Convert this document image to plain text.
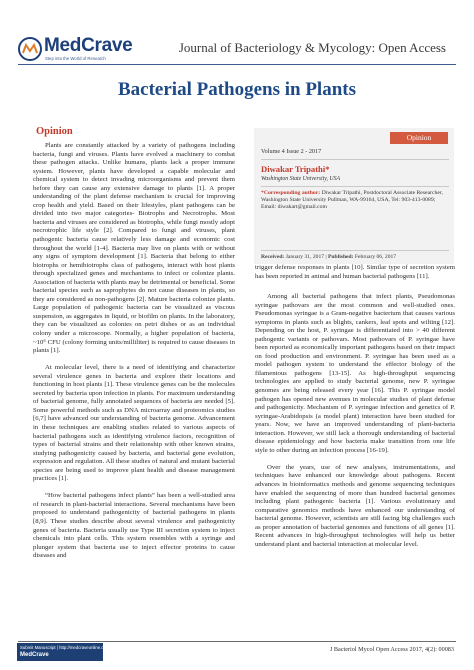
MedCrave
Step into the World of Research
Journal of Bacteriology & Mycology: Open Access
Bacterial Pathogens in Plants
Opinion

Plants are constantly attacked by a variety of pathogens including bacteria, fungi and viruses. Plants have evolved a machinery to combat these pathogen attacks. Unlike humans, plants lack a proper immune system. However, plants have developed a capable molecular and chemical system to detect invading microorganisms and prevent them before they can cause any extensive damage to plants [1]. A proper understanding of the plant defense mechanism is crucial for improving crop health and yield. Based on their lifestyles, plant pathogens can be divided into two major categories- Biotrophs and Necrotrophs. Most bacteria and viruses are considered as biotrophs, while fungi mostly adopt necrotrophic life style [2]. Compared to fungi and viruses, plant pathogenic bacteria cause relatively less damage and economic cost throughout the world [1-4]. Bacteria may live on plants with or without any signs of symptom development [1]. Bacteria that belong to either biotrophs or hemibiotrophs class of pathogens, interact with host plants through specialized genes and mechanisms to infect or colonize plants. Association of bacteria with plants may be detrimental or beneficial. Some bacterial species such as saprophytes do not cause diseases in plants, so they are considered as non-pathogens [2]. Mature bacteria colonize plants. Large population of pathogenic bacteria can be visualized as viscous suspension, as aggregates in liquid, or biofilm on plants. In the laboratory, they can be visualized as colonies on petri dishes or as an individual colony under a microscope. Normally, a higher population of bacteria, ~10⁶ CFU (colony forming units/milliliter) is required to cause diseases in plants [1].

At molecular level, there is a need of identifying and characterize several virulence genes in bacteria and explore their locations and functioning in host plants [1]. These virulence genes can be the molecules secreted by bacteria upon infection in plants. For maximum understanding of bacterial genome, fully annotated sequences of bacteria are needed [5]. Some powerful methods such as DNA microarray and proteomics studies [6,7] have advanced our understanding of bacteria genome. Advancement in these techniques are enabling studies related to various aspects of bacterial pathogens such as identifying virulence factors, recognition of types of bacterial strains and their relationship with other known strains, studying pathogenicity caused by bacteria, and bacterial gene evolution, expression and regulation. All these studies of natural and mutant bacterial species are being used to improve plant health and disease management practices [1].

“How bacterial pathogens infect plants” has been a well-studied area of research in plant-bacterial interactions. Several mechanisms have been proposed to understand pathogenicity of bacterial pathogens in plants [8,9]. These studies describe about several virulence and pathogenicity genes of bacteria. Bacteria usually use Type III secretion system to inject chemicals into plant cells. This system resembles with a syringe and plunger system that bacteria use to inject effector proteins to cause diseases and

Opinion
Volume 4 Issue 2 - 2017
Diwakar Tripathi*
Washington State University, USA
*Corresponding author: Diwakar Tripathi, Postdoctoral Associate Researcher, Washington State University Pullman, WA-99164, USA, Tel: 903-413-0089; Email: diwakart@gmail.com
Received: January 31, 2017 | Published: February 06, 2017

trigger defense responses in plants [10]. Similar type of secretion system has been reported in animal and human bacterial pathogens [11].

Among all bacterial pathogens that infect plants, Pseudomonas syringae pathovars are the most common and well-studied ones. Pseudomonas syringae is a Gram-negative bacterium that causes various symptoms in plants such as blights, cankers, leaf spots and wilting [12]. Depending on the host, P. syringae is differentiated into > 40 different pathogenic variants or pathovars. Most pathovars of P. syringae have been reported as economically important pathogens based on their impact on food production and environment. P. syringae has been used as a model pathogen system to understand the effector biology of the filamentous pathogens [13-15]. As high-throughput sequencing technologies are applied to study bacterial genome, new P. syringae genomes are being released every year [16]. This P. syringae model pathogen has opened new avenues in molecular studies of plant defense and pathogenicity. Mechanism of P. syringae infection and genetics of P. syringae-Arabidopsis (a model plant) interaction have been studied for years. Now, we have an improved understanding of plant-bacteria interaction. However, we still lack a thorough understanding of bacterial disease epidemiology and how bacteria make transition from one life style to other during an infection process [16-19].

Over the years, use of new analyses, instrumentations, and techniques have enhanced our knowledge about pathogens. Recent advances in bioinformatics methods and genome sequencing techniques have enabled the sequencing of more than hundred bacterial genomes including plant pathogenic bacteria [1]. Various evolutionary and comparative genomics methods have enhanced our understanding of bacterial genome. However, scientists are still facing big challenges such as proper annotation of bacterial genomes and functions of all genes [1]. Recent advances in high-throughput technologies will help us better understand plant and bacterial interaction at molecular level.

Submit Manuscript | http://medcraveonline.com
MedCrave
J Bacteriol Mycol Open Access 2017, 4(2): 00083
